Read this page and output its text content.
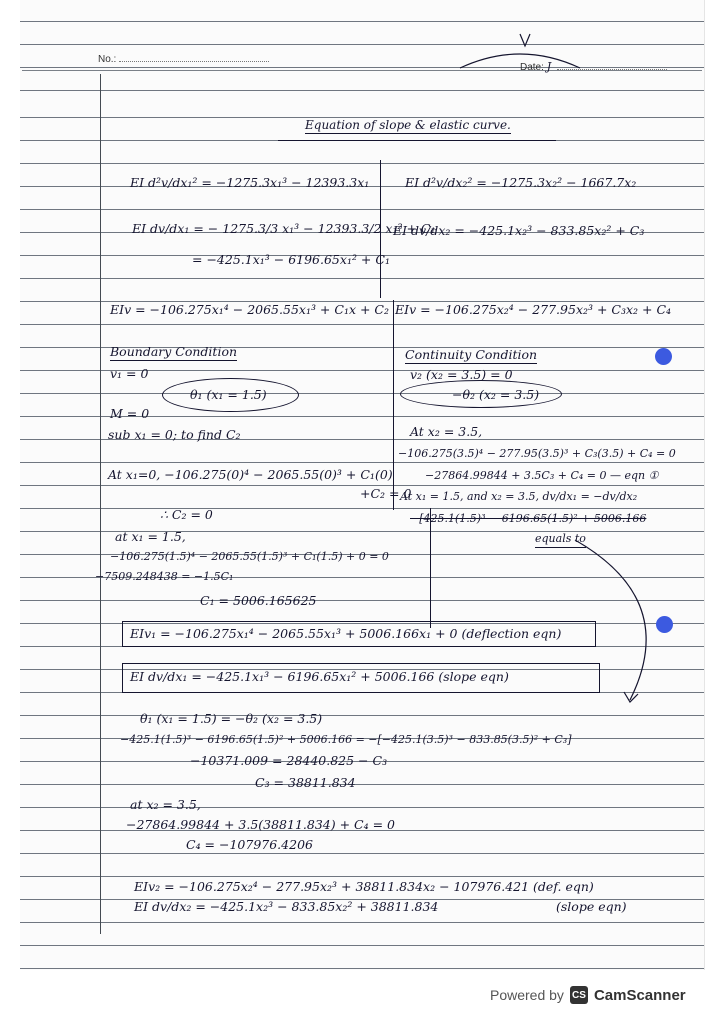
No.:
Date: J
Equation of slope & elastic curve.
EI d²v/dx₁² = −1275.3x₁³ − 12393.3x₁
EI dv/dx₁ = − 1275.3/3 x₁³ − 12393.3/2 x₁² + C₁
= −425.1x₁³ − 6196.65x₁² + C₁
EIv = −106.275x₁⁴ − 2065.55x₁³ + C₁x + C₂
Boundary Condition
v₁ = 0
θ₁ (x₁ = 1.5)
M = 0
sub x₁ = 0; to find C₂
At x₁=0, −106.275(0)⁴ − 2065.55(0)³ + C₁(0)
+C₂ = 0
∴ C₂ = 0
at x₁ = 1.5,
−106.275(1.5)⁴ − 2065.55(1.5)³ + C₁(1.5) + 0 = 0
−7509.248438 = −1.5C₁
C₁ = 5006.165625
EI d²v/dx₂² = −1275.3x₂² − 1667.7x₂
EI dv/dx₂ = −425.1x₂³ − 833.85x₂² + C₃
EIv = −106.275x₂⁴ − 277.95x₂³ + C₃x₂ + C₄
Continuity Condition
v₂ (x₂ = 3.5) = 0
−θ₂ (x₂ = 3.5)
At x₂ = 3.5,
−106.275(3.5)⁴ − 277.95(3.5)³ + C₃(3.5) + C₄ = 0
−27864.99844 + 3.5C₃ + C₄ = 0 — eqn ①
At x₁ = 1.5, and x₂ = 3.5, dv/dx₁ = −dv/dx₂
−[425.1(1.5)³ − 6196.65(1.5)² + 5006.166
equals to
EIv₁ = −106.275x₁⁴ − 2065.55x₁³ + 5006.166x₁ + 0 (deflection eqn)
EI dv/dx₁ = −425.1x₁³ − 6196.65x₁² + 5006.166 (slope eqn)
θ₁ (x₁ = 1.5) = −θ₂ (x₂ = 3.5)
−425.1(1.5)³ − 6196.65(1.5)² + 5006.166 = −[−425.1(3.5)³ − 833.85(3.5)² + C₃]
−10371.009 = 28440.825 − C₃
C₃ = 38811.834
at x₂ = 3.5,
−27864.99844 + 3.5(38811.834) + C₄ = 0
C₄ = −107976.4206
EIv₂ = −106.275x₂⁴ − 277.95x₂³ + 38811.834x₂ − 107976.421 (def. eqn)
EI dv/dx₂ = −425.1x₂³ − 833.85x₂² + 38811.834	(slope eqn)
Powered by CS CamScanner
